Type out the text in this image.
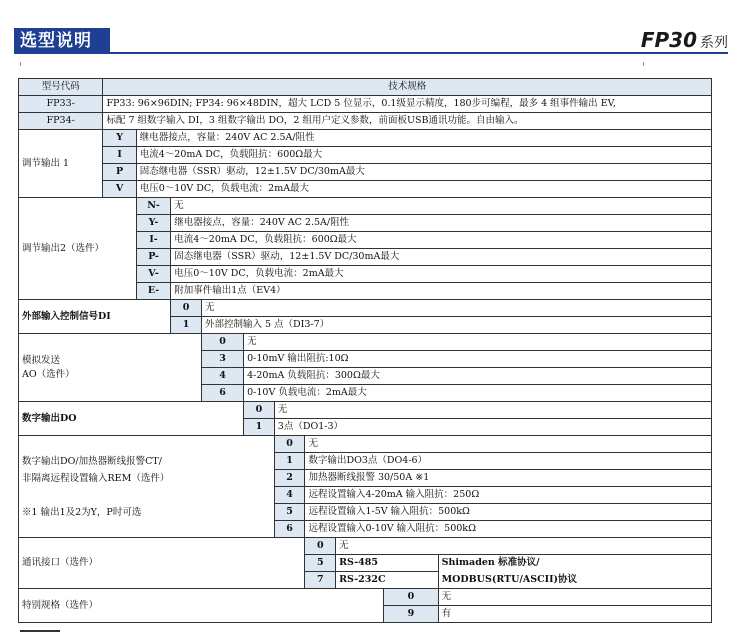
选型说明	FP30 系列
型号代码	技术规格									
FP33-	FP33: 96×96DIN; FP34: 96×48DIN，超大 LCD 5 位显示，0.1级显示精度，180步可编程，最多 4 组事件输出 EV,									
FP34-	标配 7 组数字输入 DI，3 组数字输出 DO，2 组用户定义参数，前面板USB通讯功能。自由输入。									
调节输出 1	Y	继电器接点，容量：240V AC 2.5A/阻性								
	I	电流4～20mA DC，负载阻抗：600Ω最大								
	P	固态继电器（SSR）驱动，12±1.5V DC/30mA最大								
	V	电压0～10V DC，负载电流：2mA最大								
调节输出2（选件）		N-	无							
		Y-	继电器接点，容量：240V AC 2.5A/阻性							
		I-	电流4～20mA DC，负载阻抗：600Ω最大							
		P-	固态继电器（SSR）驱动，12±1.5V DC/30mA最大							
		V-	电压0～10V DC，负载电流：2mA最大							
		E-	附加事件输出1点（EV4）							
外部输入控制信号DI			0	无						
			1	外部控制输入 5 点（DI3-7）						
模拟发送
AO（选件）				0	无					
				3	0-10mV 输出阻抗:10Ω					
				4	4-20mA 负载阻抗：300Ω最大					
				6	0-10V 负载电流：2mA最大					
数字输出DO					0	无				
					1	3点（DO1-3）				
数字输出DO/加热器断线报警CT/
非隔离远程设置输入REM（选件）

※1 输出1及2为Y，P时可选						0	无			
						1	数字输出DO3点（DO4-6）			
						2	加热器断线报警 30/50A ※1			
						4	远程设置输入4-20mA 输入阻抗：250Ω			
						5	远程设置输入1-5V 输入阻抗：500kΩ			
						6	远程设置输入0-10V 输入阻抗：500kΩ			
通讯接口（选件）							0	无		
							5	RS-485		Shimaden 标准协议/
							7	RS-232C		MODBUS(RTU/ASCII)协议
特别规格（选件）									0	无
									9	有
